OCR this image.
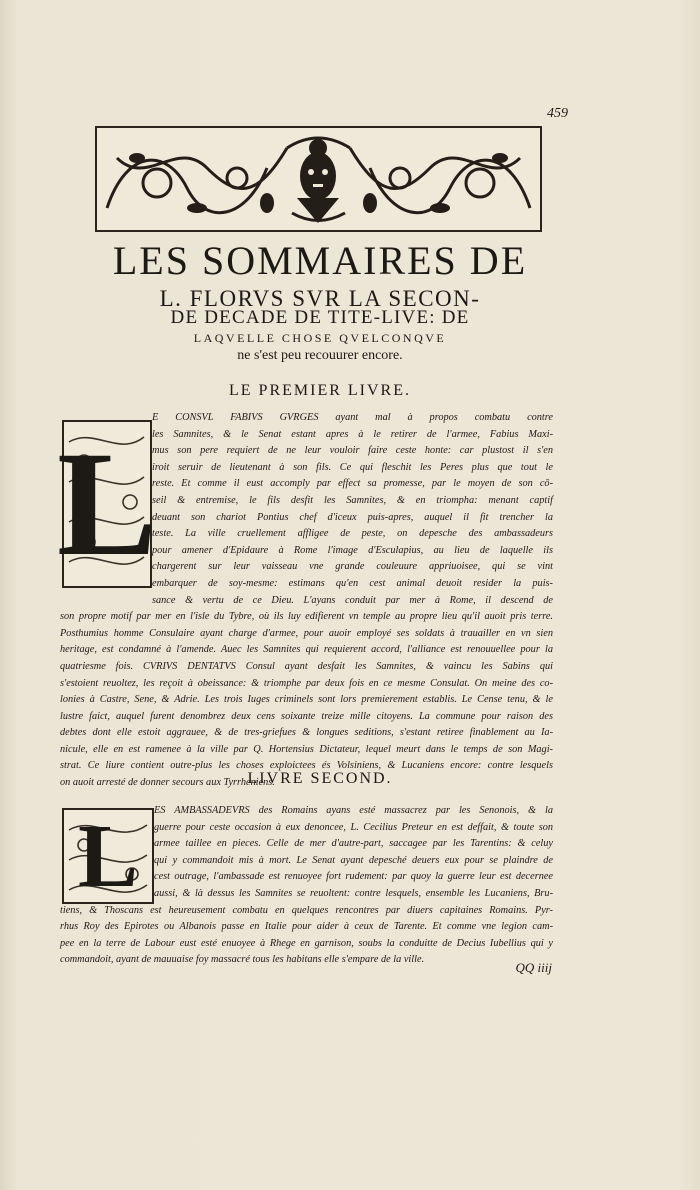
459
LES SOMMAIRES DE
L. FLORVS SVR LA SECON-
DE DECADE DE TITE-LIVE: DE
LAQVELLE CHOSE QVELCONQVE
ne s'est peu recouurer encore.
LE PREMIER LIVRE.
L
E CONSVL FABIVS GVRGES ayant mal à propos combatu contre
les Samnites, & le Senat estant apres à le retirer de l'armee, Fabius Maxi-
mus son pere requiert de ne leur vouloir faire ceste honte: car plustost il s'en
iroit seruir de lieutenant à son fils. Ce qui fleschit les Peres plus que tout le
reste. Et comme il eust accomply par effect sa promesse, par le moyen de son cō-
seil & entremise, le fils desfit les Samnites, & en triompha: menant captif
deuant son chariot Pontius chef d'iceux puis-apres, auquel il fit trencher la
teste. La ville cruellement affligee de peste, on depesche des ambassadeurs
pour amener d'Epidaure à Rome l'image d'Esculapius, au lieu de laquelle ils
chargerent sur leur vaisseau vne grande couleuure appriuoisee, qui se vint
embarquer de soy-mesme: estimans qu'en cest animal deuoit resider la puis-
sance & vertu de ce Dieu. L'ayans conduit par mer à Rome, il descend de
son propre motif par mer en l'isle du Tybre, où ils luy edifierent vn temple au propre lieu qu'il auoit pris terre.
Posthumius homme Consulaire ayant charge d'armee, pour auoir employé ses soldats à trauailler en vn sien
heritage, est condamné à l'amende. Auec les Samnites qui requierent accord, l'alliance est renouuellee pour la
quatriesme fois. CVRIVS DENTATVS Consul ayant desfait les Samnites, & vaincu les Sabins qui
s'estoient reuoltez, les reçoit à obeissance: & triomphe par deux fois en ce mesme Consulat. On meine des co-
lonies à Castre, Sene, & Adrie. Les trois Iuges criminels sont lors premierement establis. Le Cense tenu, & le
lustre faict, auquel furent denombrez deux cens soixante treize mille citoyens. La commune pour raison des
debtes dont elle estoit aggrauee, & de tres-griefues & longues seditions, s'estant retiree finablement au Ia-
nicule, elle en est ramenee à la ville par Q. Hortensius Dictateur, lequel meurt dans le temps de son Magi-
strat. Ce liure contient outre-plus les choses exploictees és Volsiniens, & Lucaniens encore: contre lesquels
on auoit arresté de donner secours aux Tyrrheniens.
LIVRE SECOND.
L	ES AMBASSADEVRS des Romains ayans esté massacrez par les Senonois, & la
guerre pour ceste occasion à eux denoncee, L. Cecilius Preteur en est deffait, & toute son
armee taillee en pieces. Celle de mer d'autre-part, saccagee par les Tarentins: & celuy
qui y commandoit mis à mort. Le Senat ayant depesché deuers eux pour se plaindre de
cest outrage, l'ambassade est renuoyee fort rudement: par quoy la guerre leur est decernee
aussi, & là dessus les Samnites se reuoltent: contre lesquels, ensemble les Lucaniens, Bru-
tiens, & Thoscans est heureusement combatu en quelques rencontres par diuers capitaines Romains. Pyr-
rhus Roy des Epirotes ou Albanois passe en Italie pour aider à ceux de Tarente. Et comme vne legion cam-
pee en la terre de Labour eust esté enuoyee à Rhege en garnison, soubs la conduitte de Decius Iubellius qui y
commandoit, ayant de mauuaise foy massacré tous les habitans elle s'empare de la ville.
QQ iiij
